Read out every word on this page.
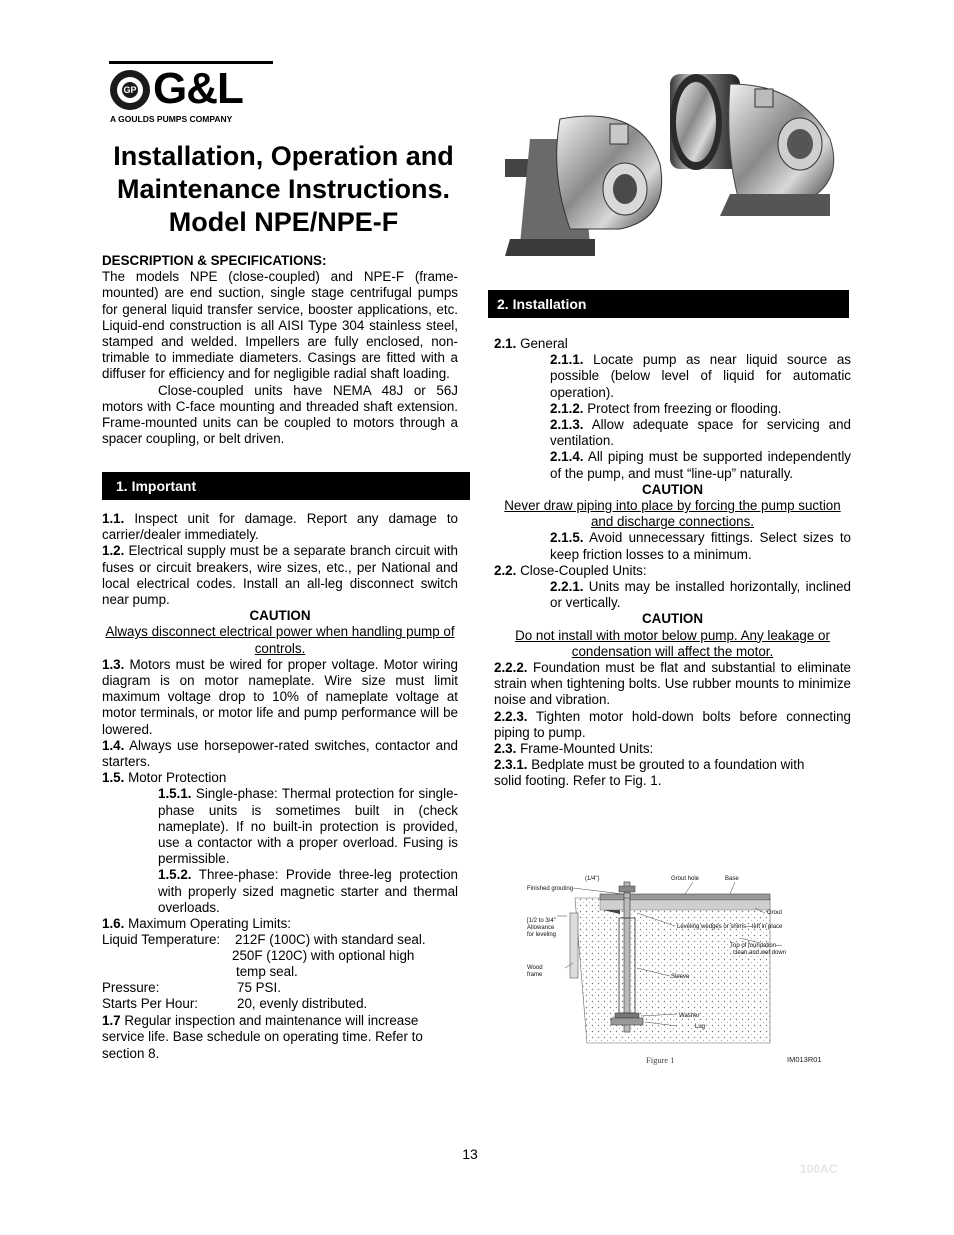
GP G&L
A GOULDS PUMPS COMPANY
Installation, Operation and
Maintenance Instructions.
Model NPE/NPE-F
DESCRIPTION & SPECIFICATIONS:
The models NPE (close-coupled) and NPE-F (frame-mounted) are end suction, single stage centrifugal pumps for general liquid transfer service, booster applications, etc. Liquid-end construction is all AISI Type 304 stainless steel, stamped and welded. Impellers are fully enclosed, non-trimable to immediate diameters. Casings are fitted with a diffuser for efficiency and for negligible radial shaft loading.
Close-coupled units have NEMA 48J or 56J motors with C-face mounting and threaded shaft extension. Frame-mounted units can be coupled to motors through a spacer coupling, or belt driven.
1. Important
1.1. Inspect unit for damage. Report any damage to carrier/dealer immediately.
1.2. Electrical supply must be a separate branch circuit with fuses or circuit breakers, wire sizes, etc., per National and local electrical codes. Install an all-leg disconnect switch near pump.
CAUTION
Always disconnect electrical power when handling pump of controls.
1.3. Motors must be wired for proper voltage. Motor wiring diagram is on motor nameplate. Wire size must limit maximum voltage drop to 10% of nameplate voltage at motor terminals, or motor life and pump performance will be lowered.
1.4. Always use horsepower-rated switches, contactor and starters.
1.5. Motor Protection
1.5.1. Single-phase: Thermal protection for single-phase units is sometimes built in (check nameplate). If no built-in protection is provided, use a contactor with a proper overload. Fusing is permissible.
1.5.2. Three-phase: Provide three-leg protection with properly sized magnetic starter and thermal overloads.
1.6. Maximum Operating Limits:
Liquid Temperature: 212F (100C) with standard seal.
250F (120C) with optional high
temp seal.
Pressure:	75 PSI.
Starts Per Hour:	20, evenly distributed.
1.7 Regular inspection and maintenance will increase service life. Base schedule on operating time. Refer to section 8.
2. Installation
2.1. General
2.1.1. Locate pump as near liquid source as possible (below level of liquid for automatic operation).
2.1.2. Protect from freezing or flooding.
2.1.3. Allow adequate space for servicing and ventilation.
2.1.4. All piping must be supported independently of the pump, and must “line-up” naturally.
CAUTION
Never draw piping into place by forcing the pump suction and discharge connections.
2.1.5. Avoid unnecessary fittings. Select sizes to keep friction losses to a minimum.
2.2. Close-Coupled Units:
2.2.1. Units may be installed horizontally, inclined or vertically.
CAUTION
Do not install with motor below pump. Any leakage or condensation will affect the motor.
2.2.2. Foundation must be flat and substantial to eliminate strain when tightening bolts. Use rubber mounts to minimize noise and vibration.
2.2.3. Tighten motor hold-down bolts before connecting piping to pump.
2.3. Frame-Mounted Units:
2.3.1. Bedplate must be grouted to a foundation with solid footing. Refer to Fig. 1.
(1/4")	Grout hole	Base
Finished grouting
Grout
[1/2 to 3/4"
Allowance
for leveling
Leveling wedges or shims—left in place
Top of foundation—
clean and wet down
Wood
frame	Sleeve
Washer
Lug
Figure 1	IM013R01
13
100AC
